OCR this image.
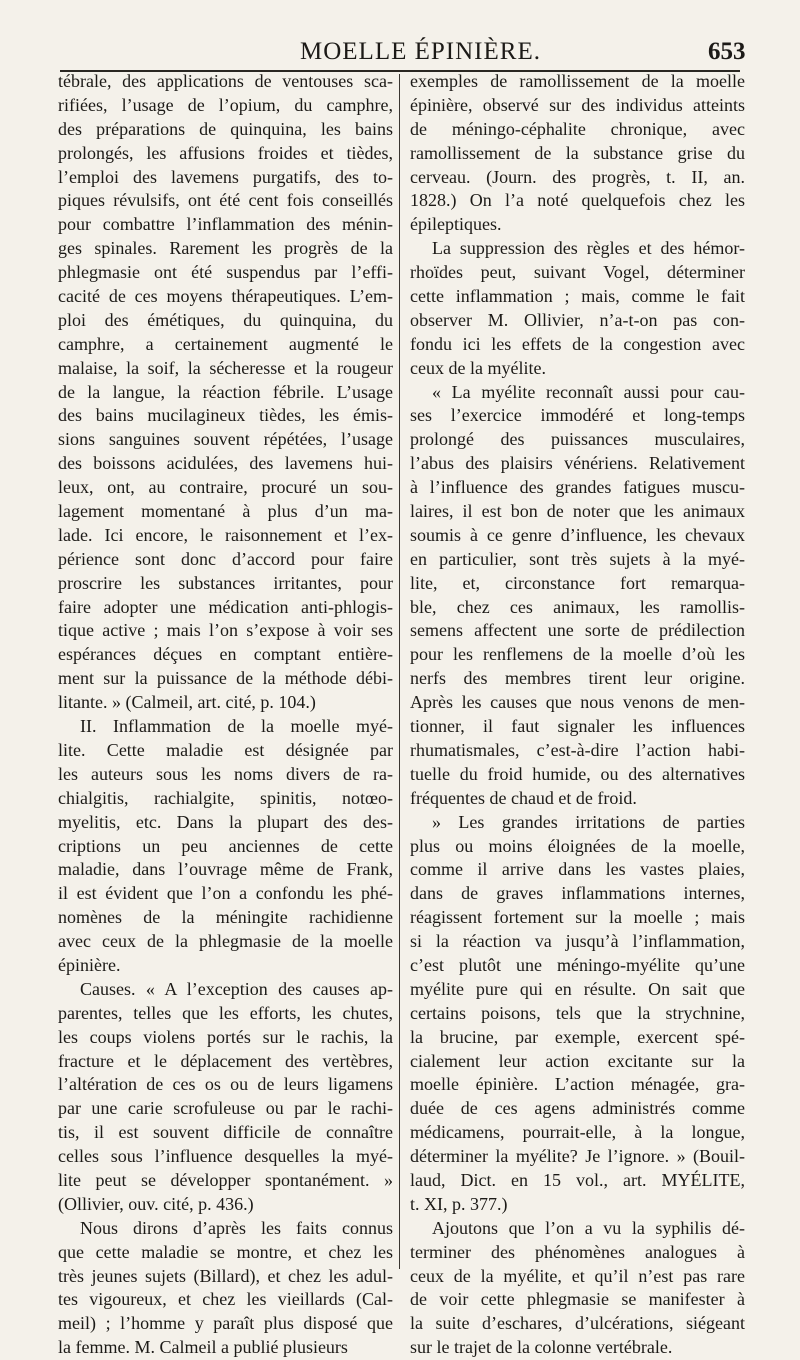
MOELLE ÉPINIÈRE.	653
tébrale, des applications de ventouses sca-
rifiées, l’usage de l’opium, du camphre,
des préparations de quinquina, les bains
prolongés, les affusions froides et tièdes,
l’emploi des lavemens purgatifs, des to-
piques révulsifs, ont été cent fois conseillés
pour combattre l’inflammation des ménin-
ges spinales. Rarement les progrès de la
phlegmasie ont été suspendus par l’effi-
cacité de ces moyens thérapeutiques. L’em-
ploi des émétiques, du quinquina, du
camphre, a certainement augmenté le
malaise, la soif, la sécheresse et la rougeur
de la langue, la réaction fébrile. L’usage
des bains mucilagineux tièdes, les émis-
sions sanguines souvent répétées, l’usage
des boissons acidulées, des lavemens hui-
leux, ont, au contraire, procuré un sou-
lagement momentané à plus d’un ma-
lade. Ici encore, le raisonnement et l’ex-
périence sont donc d’accord pour faire
proscrire les substances irritantes, pour
faire adopter une médication anti-phlogis-
tique active ; mais l’on s’expose à voir ses
espérances déçues en comptant entière-
ment sur la puissance de la méthode débi-
litante. » (Calmeil, art. cité, p. 104.)
II. Inflammation de la moelle myé-
lite. Cette maladie est désignée par
les auteurs sous les noms divers de ra-
chialgitis, rachialgite, spinitis, notœo-
myelitis, etc. Dans la plupart des des-
criptions un peu anciennes de cette
maladie, dans l’ouvrage même de Frank,
il est évident que l’on a confondu les phé-
nomènes de la méningite rachidienne
avec ceux de la phlegmasie de la moelle
épinière.
Causes. « A l’exception des causes ap-
parentes, telles que les efforts, les chutes,
les coups violens portés sur le rachis, la
fracture et le déplacement des vertèbres,
l’altération de ces os ou de leurs ligamens
par une carie scrofuleuse ou par le rachi-
tis, il est souvent difficile de connaître
celles sous l’influence desquelles la myé-
lite peut se développer spontanément. »
(Ollivier, ouv. cité, p. 436.)
Nous dirons d’après les faits connus
que cette maladie se montre, et chez les
très jeunes sujets (Billard), et chez les adul-
tes vigoureux, et chez les vieillards (Cal-
meil) ; l’homme y paraît plus disposé que
la femme. M. Calmeil a publié plusieurs
exemples de ramollissement de la moelle
épinière, observé sur des individus atteints
de méningo-céphalite chronique, avec
ramollissement de la substance grise du
cerveau. (Journ. des progrès, t. II, an.
1828.) On l’a noté quelquefois chez les
épileptiques.
La suppression des règles et des hémor-
rhoïdes peut, suivant Vogel, déterminer
cette inflammation ; mais, comme le fait
observer M. Ollivier, n’a-t-on pas con-
fondu ici les effets de la congestion avec
ceux de la myélite.
« La myélite reconnaît aussi pour cau-
ses l’exercice immodéré et long-temps
prolongé des puissances musculaires,
l’abus des plaisirs vénériens. Relativement
à l’influence des grandes fatigues muscu-
laires, il est bon de noter que les animaux
soumis à ce genre d’influence, les chevaux
en particulier, sont très sujets à la myé-
lite, et, circonstance fort remarqua-
ble, chez ces animaux, les ramollis-
semens affectent une sorte de prédilection
pour les renflemens de la moelle d’où les
nerfs des membres tirent leur origine.
Après les causes que nous venons de men-
tionner, il faut signaler les influences
rhumatismales, c’est-à-dire l’action habi-
tuelle du froid humide, ou des alternatives
fréquentes de chaud et de froid.
» Les grandes irritations de parties
plus ou moins éloignées de la moelle,
comme il arrive dans les vastes plaies,
dans de graves inflammations internes,
réagissent fortement sur la moelle ; mais
si la réaction va jusqu’à l’inflammation,
c’est plutôt une méningo-myélite qu’une
myélite pure qui en résulte. On sait que
certains poisons, tels que la strychnine,
la brucine, par exemple, exercent spé-
cialement leur action excitante sur la
moelle épinière. L’action ménagée, gra-
duée de ces agens administrés comme
médicamens, pourrait-elle, à la longue,
déterminer la myélite? Je l’ignore. » (Bouil-
laud, Dict. en 15 vol., art. MYÉLITE,
t. XI, p. 377.)
Ajoutons que l’on a vu la syphilis dé-
terminer des phénomènes analogues à
ceux de la myélite, et qu’il n’est pas rare
de voir cette phlegmasie se manifester à
la suite d’eschares, d’ulcérations, siégeant
sur le trajet de la colonne vertébrale.
